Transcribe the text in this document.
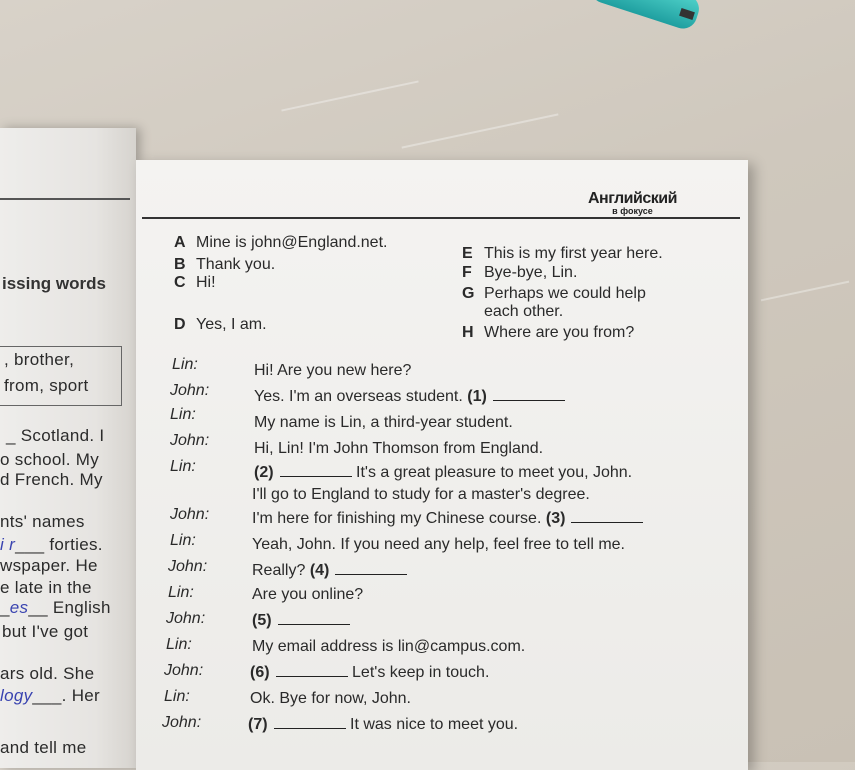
issing words
, brother,
from, sport
_ Scotland. I
o school. My
d French. My
nts' names
i r___ forties.
wspaper. He
e late in the
_es__ English
but I've got
ars old. She
logy___. Her
and tell me
Английский
в фокусе
A Mine is john@England.net.
B Thank you.
C Hi!
D Yes, I am.
E This is my first year here.
F Bye-bye, Lin.
G Perhaps we could help
each other.
H Where are you from?
Lin:	Hi! Are you new here?
John:	Yes. I'm an overseas student. (1)
Lin:	My name is Lin, a third-year student.
John:	Hi, Lin! I'm John Thomson from England.
Lin:	(2)	It's a great pleasure to meet you, John.
I'll go to England to study for a master's degree.
John:	I'm here for finishing my Chinese course. (3)
Lin:	Yeah, John. If you need any help, feel free to tell me.
John:	Really? (4)
Lin:	Are you online?
John:	(5)
Lin:	My email address is lin@campus.com.
John:	(6)	Let's keep in touch.
Lin:	Ok. Bye for now, John.
John:	(7)	It was nice to meet you.
